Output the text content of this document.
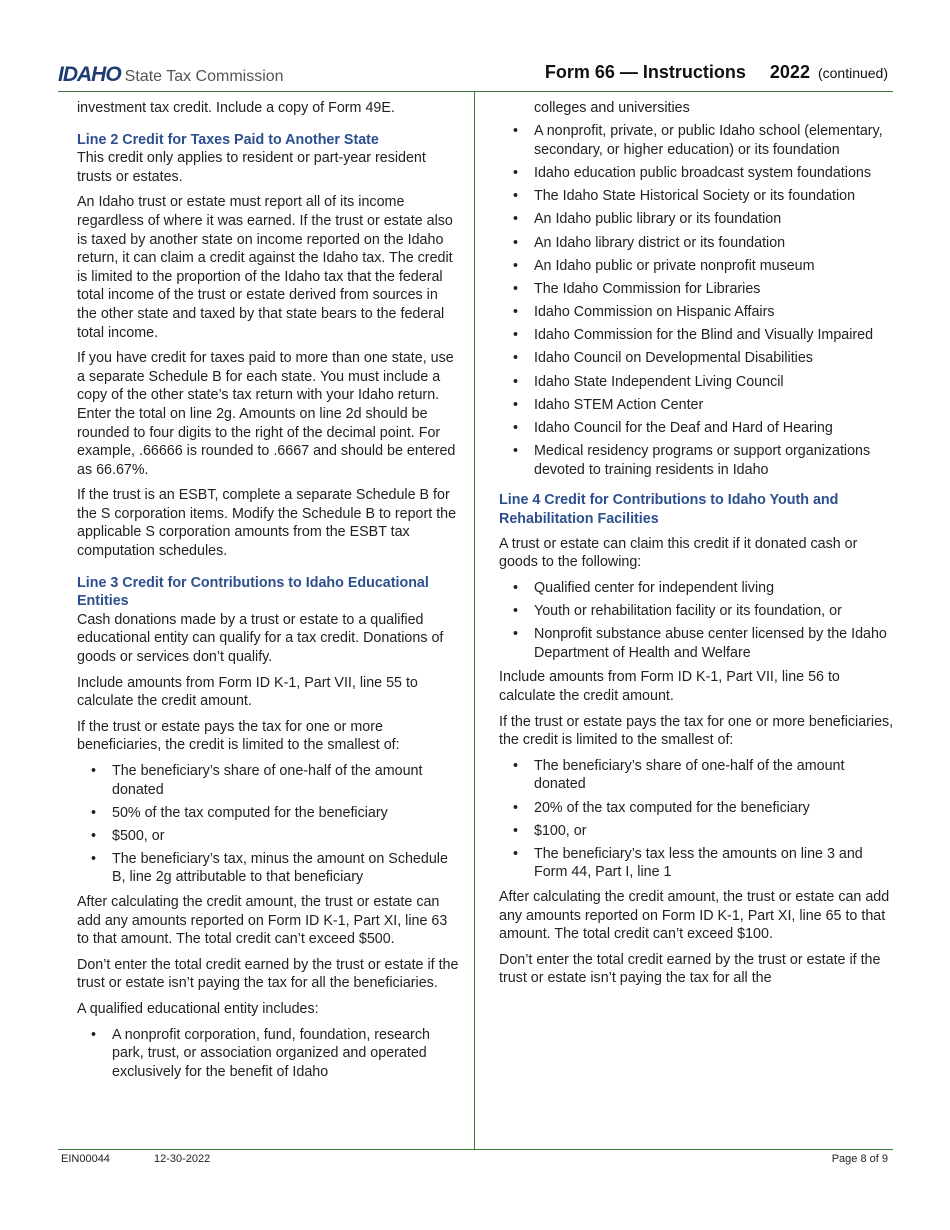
IDAHO State Tax Commission	Form 66 — Instructions 2022 (continued)

investment tax credit. Include a copy of Form 49E.

Line 2 Credit for Taxes Paid to Another State

This credit only applies to resident or part-year resident trusts or estates.

An Idaho trust or estate must report all of its income regardless of where it was earned. If the trust or estate also is taxed by another state on income reported on the Idaho return, it can claim a credit against the Idaho tax. The credit is limited to the proportion of the Idaho tax that the federal total income of the trust or estate derived from sources in the other state and taxed by that state bears to the federal total income.

If you have credit for taxes paid to more than one state, use a separate Schedule B for each state. You must include a copy of the other state’s tax return with your Idaho return. Enter the total on line 2g. Amounts on line 2d should be rounded to four digits to the right of the decimal point. For example, .66666 is rounded to .6667 and should be entered as 66.67%.

If the trust is an ESBT, complete a separate Schedule B for the S corporation items. Modify the Schedule B to report the applicable S corporation amounts from the ESBT tax computation schedules.

Line 3 Credit for Contributions to Idaho Educational Entities

Cash donations made by a trust or estate to a qualified educational entity can qualify for a tax credit. Donations of goods or services don’t qualify.

Include amounts from Form ID K-1, Part VII, line 55 to calculate the credit amount.

If the trust or estate pays the tax for one or more beneficiaries, the credit is limited to the smallest of:

• The beneficiary’s share of one-half of the amount donated
• 50% of the tax computed for the beneficiary
• $500, or
• The beneficiary’s tax, minus the amount on Schedule B, line 2g attributable to that beneficiary

After calculating the credit amount, the trust or estate can add any amounts reported on Form ID K-1, Part XI, line 63 to that amount. The total credit can’t exceed $500.

Don’t enter the total credit earned by the trust or estate if the trust or estate isn’t paying the tax for all the beneficiaries.

A qualified educational entity includes:

• A nonprofit corporation, fund, foundation, research park, trust, or association organized and operated exclusively for the benefit of Idaho
colleges and universities
• A nonprofit, private, or public Idaho school (elementary, secondary, or higher education) or its foundation
• Idaho education public broadcast system foundations
• The Idaho State Historical Society or its foundation
• An Idaho public library or its foundation
• An Idaho library district or its foundation
• An Idaho public or private nonprofit museum
• The Idaho Commission for Libraries
• Idaho Commission on Hispanic Affairs
• Idaho Commission for the Blind and Visually Impaired
• Idaho Council on Developmental Disabilities
• Idaho State Independent Living Council
• Idaho STEM Action Center
• Idaho Council for the Deaf and Hard of Hearing
• Medical residency programs or support organizations devoted to training residents in Idaho
Line 4 Credit for Contributions to Idaho Youth and Rehabilitation Facilities

A trust or estate can claim this credit if it donated cash or goods to the following:

• Qualified center for independent living
• Youth or rehabilitation facility or its foundation, or
• Nonprofit substance abuse center licensed by the Idaho Department of Health and Welfare

Include amounts from Form ID K-1, Part VII, line 56 to calculate the credit amount.

If the trust or estate pays the tax for one or more beneficiaries, the credit is limited to the smallest of:

• The beneficiary’s share of one-half of the amount donated
• 20% of the tax computed for the beneficiary
• $100, or
• The beneficiary’s tax less the amounts on line 3 and Form 44, Part I, line 1

After calculating the credit amount, the trust or estate can add any amounts reported on Form ID K-1, Part XI, line 65 to that amount. The total credit can’t exceed $100.

Don’t enter the total credit earned by the trust or estate if the trust or estate isn’t paying the tax for all the

EIN00044	12-30-2022	Page 8 of 9
